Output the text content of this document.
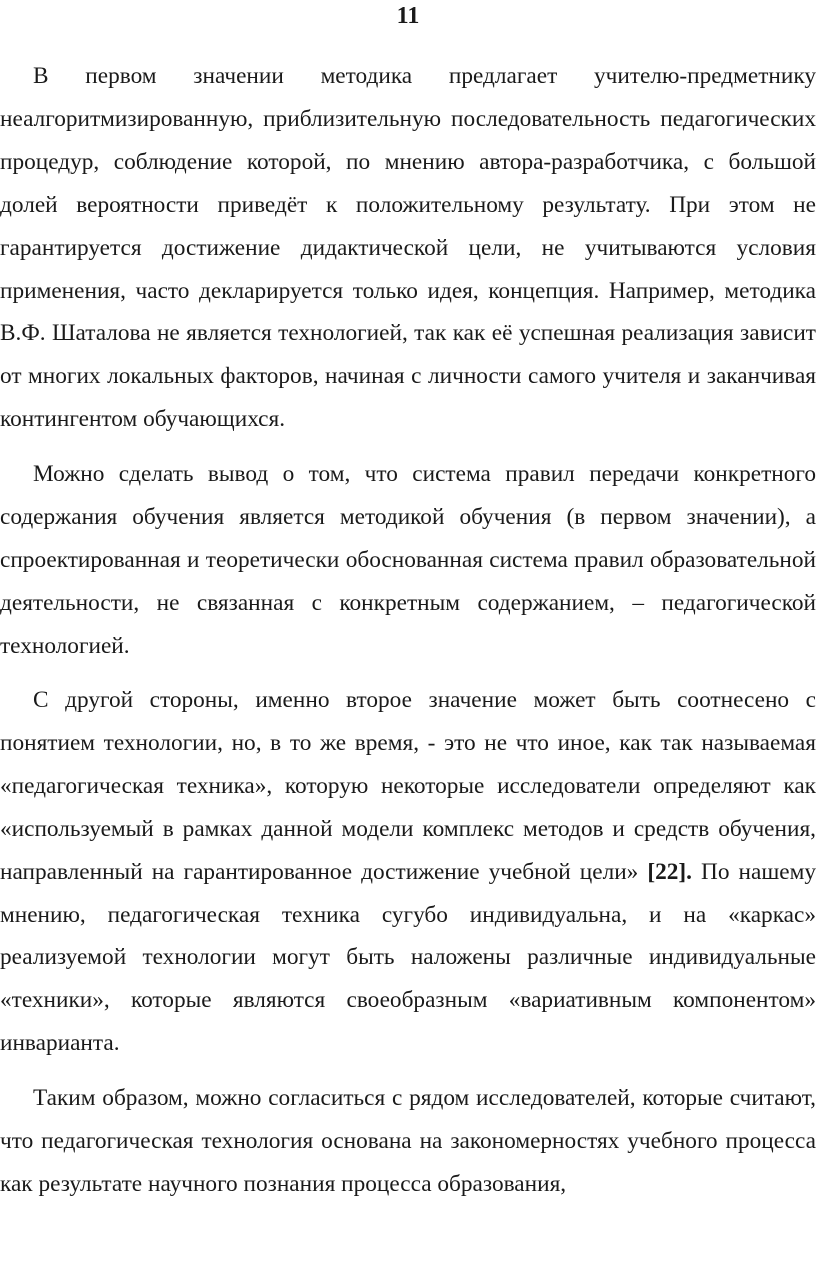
11

В первом значении методика предлагает учителю-предметнику неалгоритмизированную, приблизительную последовательность педагогических процедур, соблюдение которой, по мнению автора-разработчика, с большой долей вероятности приведёт к положительному результату. При этом не гарантируется достижение дидактической цели, не учитываются условия применения, часто декларируется только идея, концепция. Например, методика В.Ф. Шаталова не является технологией, так как её успешная реализация зависит от многих локальных факторов, начиная с личности самого учителя и заканчивая контингентом обучающихся.

Можно сделать вывод о том, что система правил передачи конкретного содержания обучения является методикой обучения (в первом значении), а спроектированная и теоретически обоснованная система правил образовательной деятельности, не связанная с конкретным содержанием, – педагогической технологией.

С другой стороны, именно второе значение может быть соотнесено с понятием технологии, но, в то же время, - это не что иное, как так называемая «педагогическая техника», которую некоторые исследователи определяют как «используемый в рамках данной модели комплекс методов и средств обучения, направленный на гарантированное достижение учебной цели» [22]. По нашему мнению, педагогическая техника сугубо индивидуальна, и на «каркас» реализуемой технологии могут быть наложены различные индивидуальные «техники», которые являются своеобразным «вариативным компонентом» инварианта.

Таким образом, можно согласиться с рядом исследователей, которые считают, что педагогическая технология основана на закономерностях учебного процесса как результате научного познания процесса образования,
